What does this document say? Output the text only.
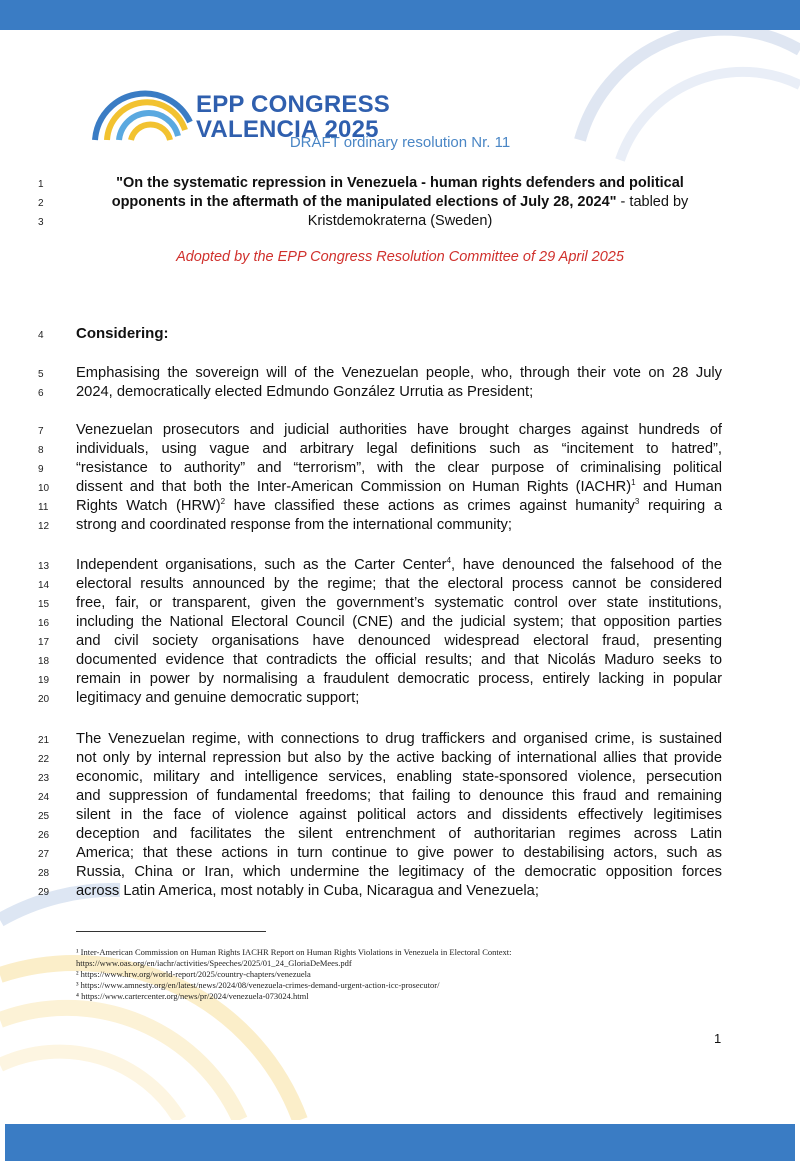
EPP CONGRESS
VALENCIA 2025
DRAFT ordinary resolution Nr. 11
1	"On the systematic repression in Venezuela - human rights defenders and political
2	opponents in the aftermath of the manipulated elections of July 28, 2024" - tabled by
3	Kristdemokraterna (Sweden)
Adopted by the EPP Congress Resolution Committee of 29 April 2025
4	Considering:
5	Emphasising the sovereign will of the Venezuelan people, who, through their vote on 28 July
6	2024, democratically elected Edmundo González Urrutia as President;
7	Venezuelan prosecutors and judicial authorities have brought charges against hundreds of
8	individuals, using vague and arbitrary legal definitions such as “incitement to hatred”,
9	“resistance to authority” and “terrorism”, with the clear purpose of criminalising political
10	dissent and that both the Inter-American Commission on Human Rights (IACHR)$^1$ and Human
11	Rights Watch (HRW)$^2$ have classified these actions as crimes against humanity$^3$ requiring a
12	strong and coordinated response from the international community;
13	Independent organisations, such as the Carter Center$^4$, have denounced the falsehood of the
14	electoral results announced by the regime; that the electoral process cannot be considered
15	free, fair, or transparent, given the government’s systematic control over state institutions,
16	including the National Electoral Council (CNE) and the judicial system; that opposition parties
17	and civil society organisations have denounced widespread electoral fraud, presenting
18	documented evidence that contradicts the official results; and that Nicolás Maduro seeks to
19	remain in power by normalising a fraudulent democratic process, entirely lacking in popular
20	legitimacy and genuine democratic support;
21	The Venezuelan regime, with connections to drug traffickers and organised crime, is sustained
22	not only by internal repression but also by the active backing of international allies that provide
23	economic, military and intelligence services, enabling state-sponsored violence, persecution
24	and suppression of fundamental freedoms; that failing to denounce this fraud and remaining
25	silent in the face of violence against political actors and dissidents effectively legitimises
26	deception and facilitates the silent entrenchment of authoritarian regimes across Latin
27	America; that these actions in turn continue to give power to destabilising actors, such as
28	Russia, China or Iran, which undermine the legitimacy of the democratic opposition forces
29	across Latin America, most notably in Cuba, Nicaragua and Venezuela;
¹ Inter-American Commission on Human Rights IACHR Report on Human Rights Violations in Venezuela in Electoral Context:
https://www.oas.org/en/iachr/activities/Speeches/2025/01_24_GloriaDeMees.pdf
² https://www.hrw.org/world-report/2025/country-chapters/venezuela
³ https://www.amnesty.org/en/latest/news/2024/08/venezuela-crimes-demand-urgent-action-icc-prosecutor/
⁴ https://www.cartercenter.org/news/pr/2024/venezuela-073024.html
1
